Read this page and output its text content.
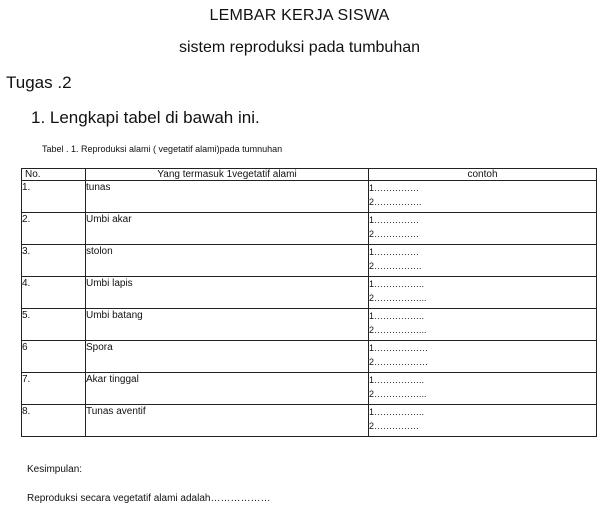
LEMBAR KERJA SISWA
sistem reproduksi pada tumbuhan
Tugas .2
1. Lengkapi tabel di bawah ini.
Tabel . 1. Reproduksi alami ( vegetatif alami)pada tumnuhan
No.	Yang termasuk 1vegetatif alami	contoh
1.	tunas	1……………
2…………….

2.	Umbi akar	1……………
2……………

3.	stolon	1……………
2…………….

4.	Umbi lapis	1……………..
2……………...

5.	Umbi batang	1……………..
2……………...

6	Spora	1………………
2………………

7.	Akar tinggal	1……………..
2……………...

8.	Tunas aventif	1……………..
2……………
Kesimpulan:
Reproduksi secara vegetatif alami adalah………………
